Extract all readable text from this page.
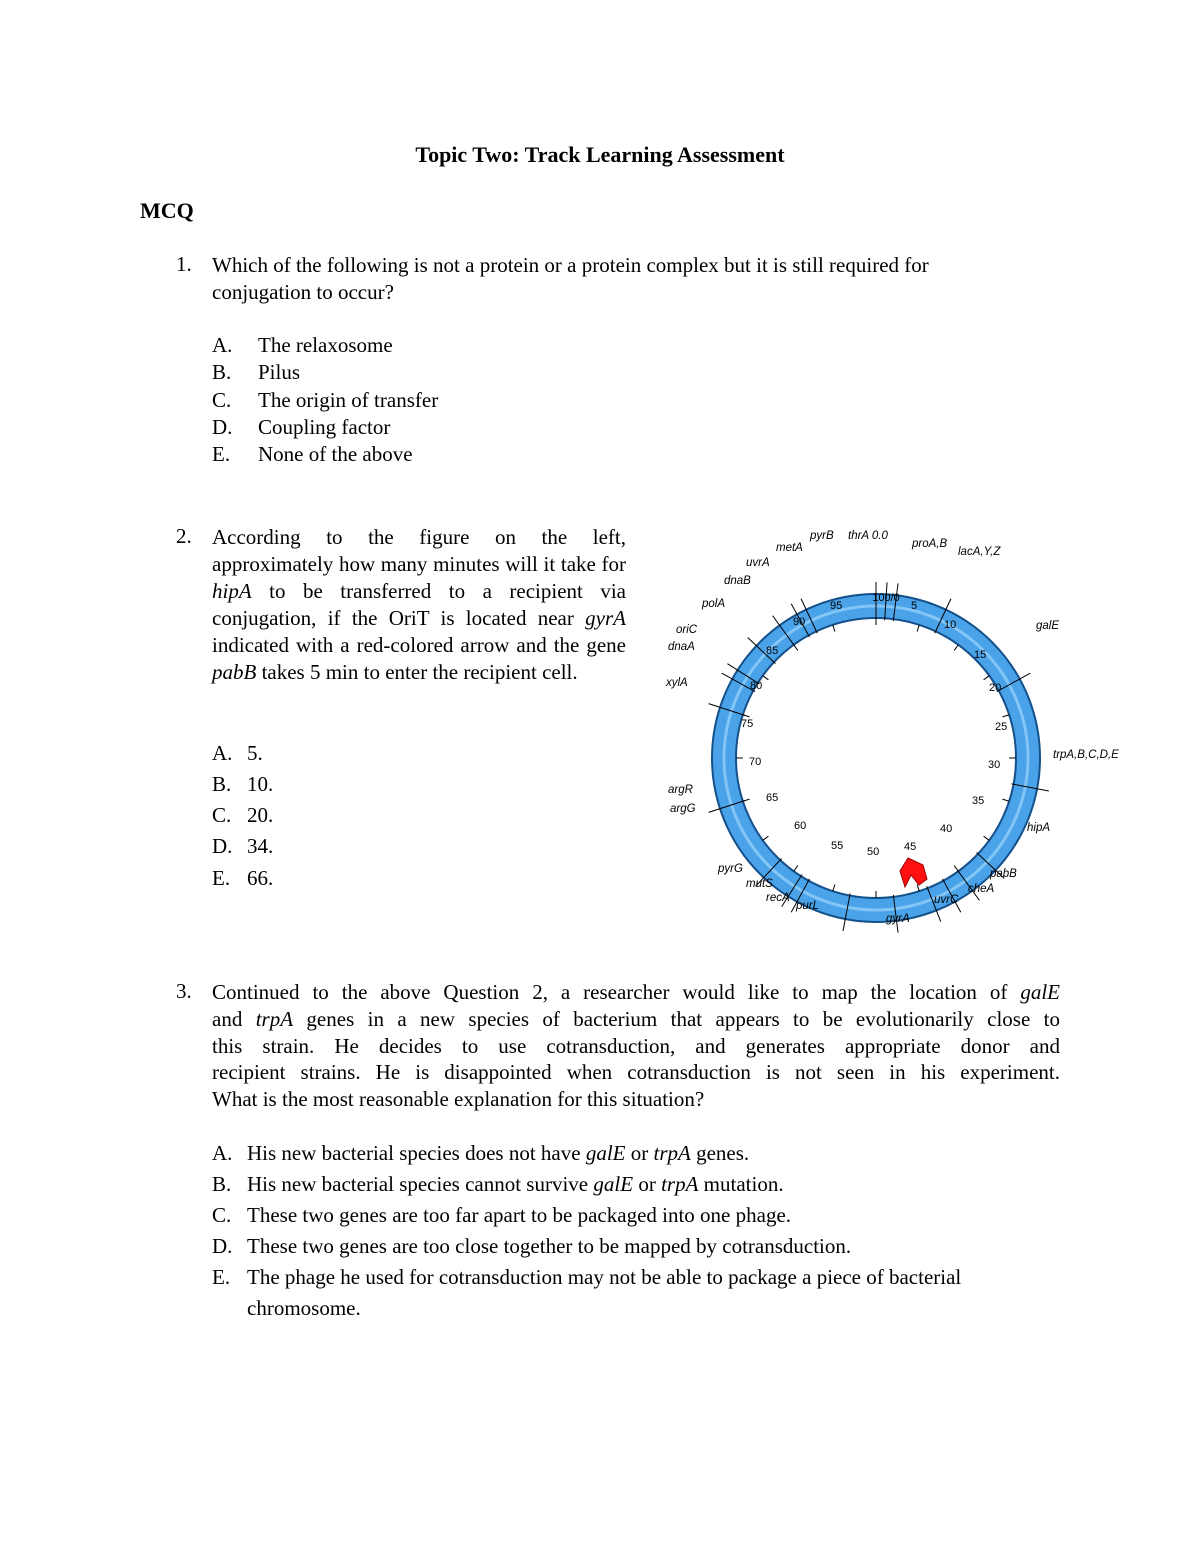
Topic Two: Track Learning Assessment
MCQ
1. Which of the following is not a protein or a protein complex but it is still required for
conjugation to occur?
A. The relaxosome
B. Pilus
C. The origin of transfer
D. Coupling factor
E. None of the above
2. According to the figure on the left, approximately how many minutes will it take for hipA to be transferred to a recipient via conjugation, if the OriT is located near gyrA indicated with a red-colored arrow and the gene pabB takes 5 min to enter the recipient cell.
A. 5.
B. 10.
C. 20.
D. 34.
E. 66.
100/0
5
10
15
20
25
30
35
40
45
50
55
60
65
70
75
80
85
90
95
thrA 0.0
pyrB
proA,B
lacA,Y,Z
galE
trpA,B,C,D,E
hipA
pabB
cheA
uvrC
gyrA
purL
recA
mutS
pyrG
argR
argG
xylA
dnaA
oriC
polA
dnaB
uvrA
metA
3. Continued to the above Question 2, a researcher would like to map the location of galE
and trpA genes in a new species of bacterium that appears to be evolutionarily close to
this strain. He decides to use cotransduction, and generates appropriate donor and
recipient strains. He is disappointed when cotransduction is not seen in his experiment.
What is the most reasonable explanation for this situation?
A. His new bacterial species does not have galE or trpA genes.
B. His new bacterial species cannot survive galE or trpA mutation.
C. These two genes are too far apart to be packaged into one phage.
D. These two genes are too close together to be mapped by cotransduction.
E. The phage he used for cotransduction may not be able to package a piece of bacterial
chromosome.
